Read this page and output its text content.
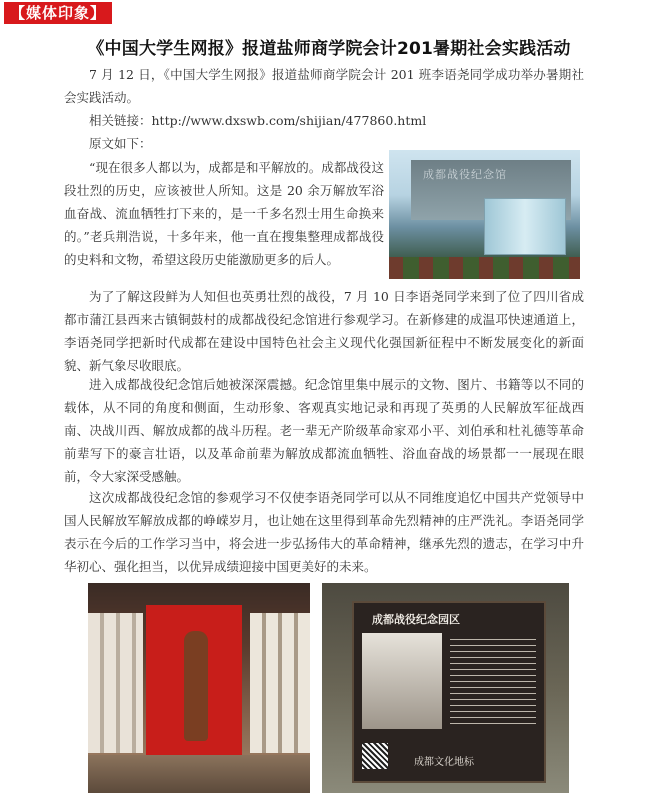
【媒体印象】
《中国大学生网报》报道盐师商学院会计201暑期社会实践活动

7 月 12 日，《中国大学生网报》报道盐师商学院会计 201 班李语尧同学成功举办暑期社会实践活动。

相关链接：http://www.dxswb.com/shijian/477860.html

原文如下：

“现在很多人都以为，成都是和平解放的。成都战役这段壮烈的历史，应该被世人所知。这是 20 余万解放军浴血奋战、流血牺牲打下来的，是一千多名烈士用生命换来的。”老兵荆浩说，十多年来，他一直在搜集整理成都战役的史料和文物，希望这段历史能激励更多的后人。

成都战役纪念馆

为了了解这段鲜为人知但也英勇壮烈的战役，7 月 10 日李语尧同学来到了位了四川省成都市蒲江县西来古镇铜鼓村的成都战役纪念馆进行参观学习。在新修建的成温邛快速通道上，李语尧同学把新时代成都在建设中国特色社会主义现代化强国新征程中不断发展变化的新面貌、新气象尽收眼底。

进入成都战役纪念馆后她被深深震撼。纪念馆里集中展示的文物、图片、书籍等以不同的载体，从不同的角度和侧面，生动形象、客观真实地记录和再现了英勇的人民解放军征战西南、决战川西、解放成都的战斗历程。老一辈无产阶级革命家邓小平、刘伯承和杜礼德等革命前辈写下的豪言壮语，以及革命前辈为解放成都流血牺牲、浴血奋战的场景都一一展现在眼前，令大家深受感触。

这次成都战役纪念馆的参观学习不仅使李语尧同学可以从不同维度追忆中国共产党领导中国人民解放军解放成都的峥嵘岁月，也让她在这里得到革命先烈精神的庄严洗礼。李语尧同学表示在今后的工作学习当中，将会进一步弘扬伟大的革命精神，继承先烈的遗志，在学习中升华初心、强化担当，以优异成绩迎接中国更美好的未来。

成都战役纪念园区
成都文化地标
